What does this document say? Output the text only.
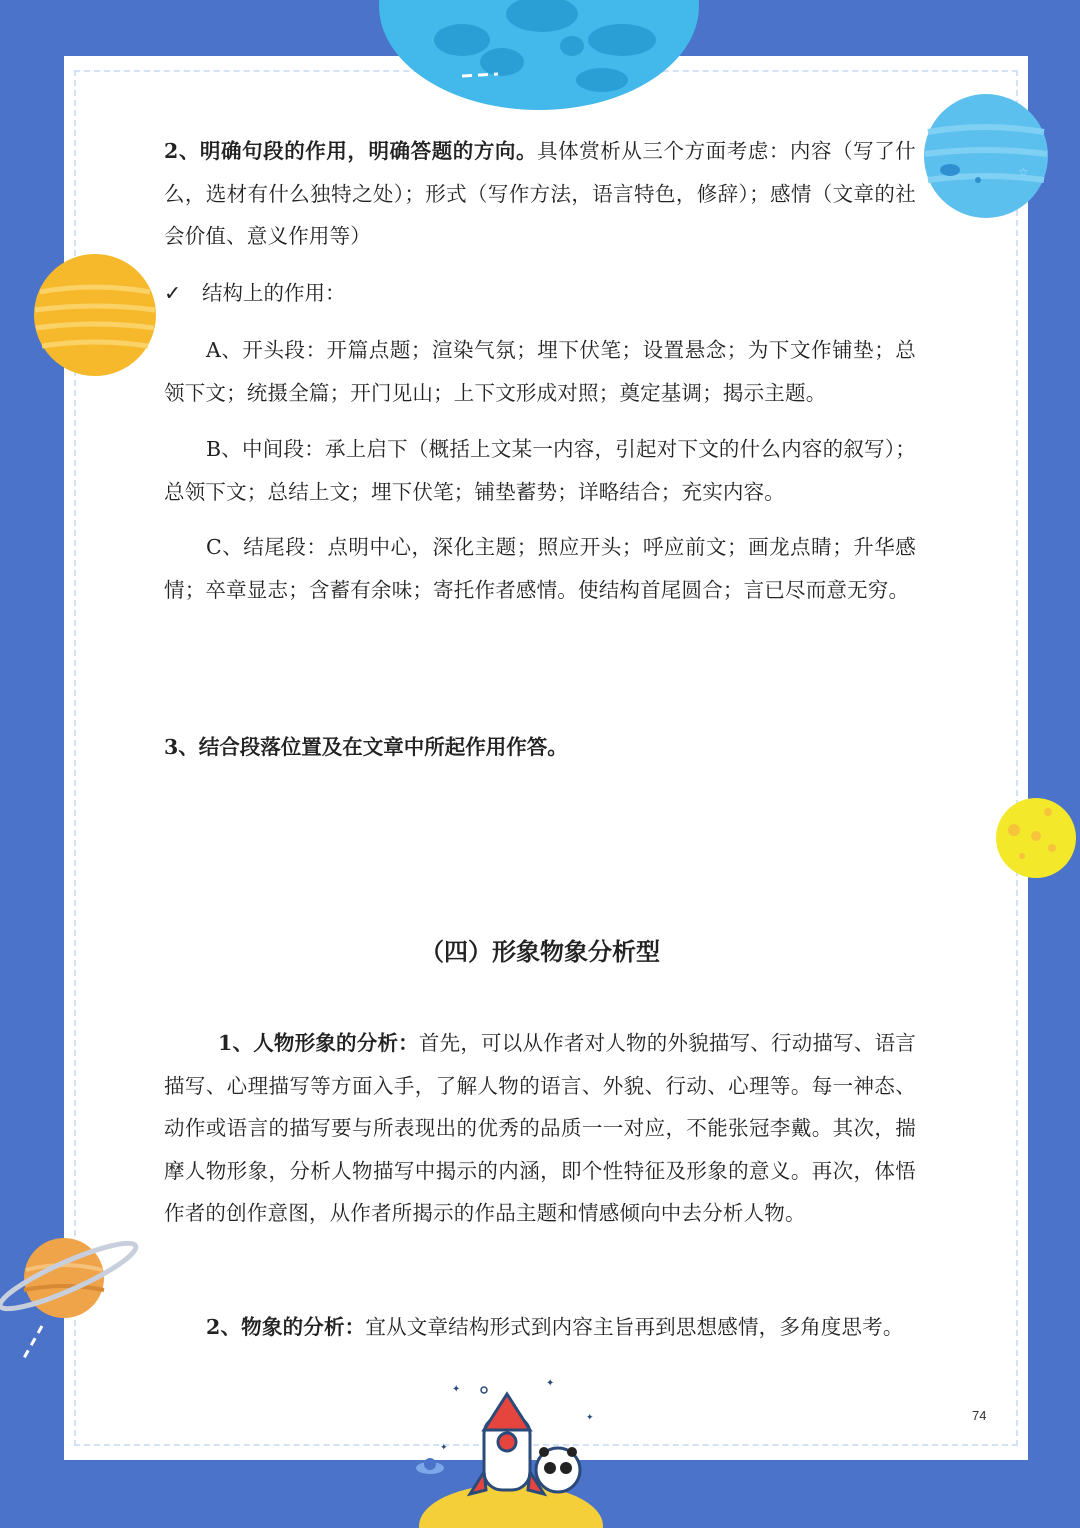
☆
✦
✦
✦
✦
2、明确句段的作用，明确答题的方向。具体赏析从三个方面考虑：内容（写了什么，选材有什么独特之处）；形式（写作方法，语言特色，修辞）；感情（文章的社会价值、意义作用等）
✓ 结构上的作用：
A、开头段：开篇点题；渲染气氛；埋下伏笔；设置悬念；为下文作铺垫；总领下文；统摄全篇；开门见山；上下文形成对照；奠定基调；揭示主题。
B、中间段：承上启下（概括上文某一内容，引起对下文的什么内容的叙写）；总领下文；总结上文；埋下伏笔；铺垫蓄势；详略结合；充实内容。
C、结尾段：点明中心，深化主题；照应开头；呼应前文；画龙点睛；升华感情；卒章显志；含蓄有余味；寄托作者感情。使结构首尾圆合；言已尽而意无穷。
3、结合段落位置及在文章中所起作用作答。
（四）形象物象分析型
1、人物形象的分析：首先，可以从作者对人物的外貌描写、行动描写、语言描写、心理描写等方面入手，了解人物的语言、外貌、行动、心理等。每一神态、动作或语言的描写要与所表现出的优秀的品质一一对应，不能张冠李戴。其次，揣摩人物形象，分析人物描写中揭示的内涵，即个性特征及形象的意义。再次，体悟作者的创作意图，从作者所揭示的作品主题和情感倾向中去分析人物。
2、物象的分析：宜从文章结构形式到内容主旨再到思想感情，多角度思考。
74
